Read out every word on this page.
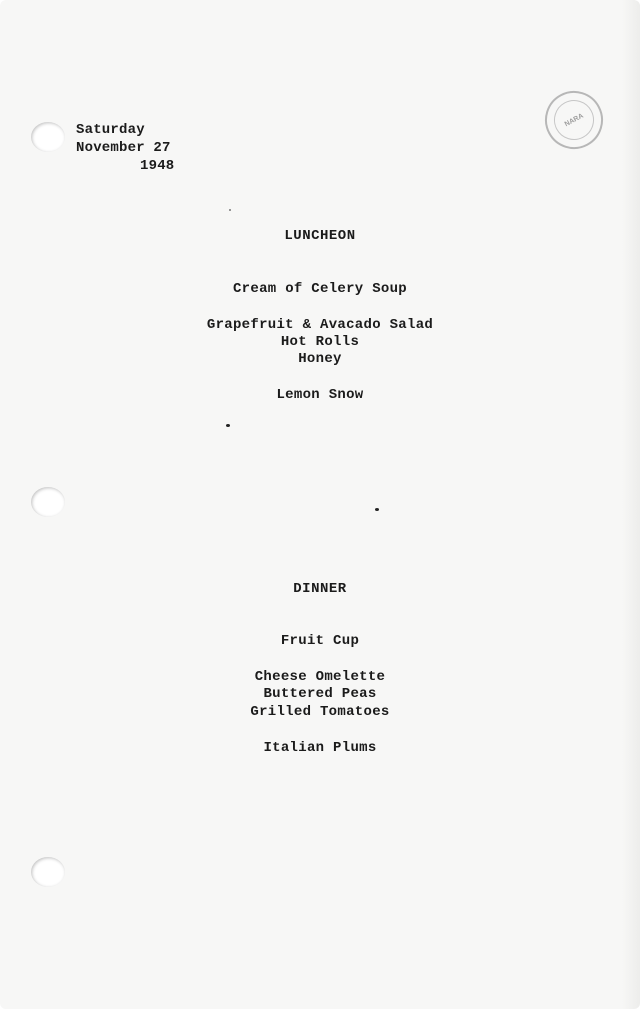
Saturday
November 27
1948
NARA
LUNCHEON
Cream of Celery Soup
Grapefruit & Avacado Salad
Hot Rolls
Honey
Lemon Snow
DINNER
Fruit Cup
Cheese Omelette
Buttered Peas
Grilled Tomatoes
Italian Plums
